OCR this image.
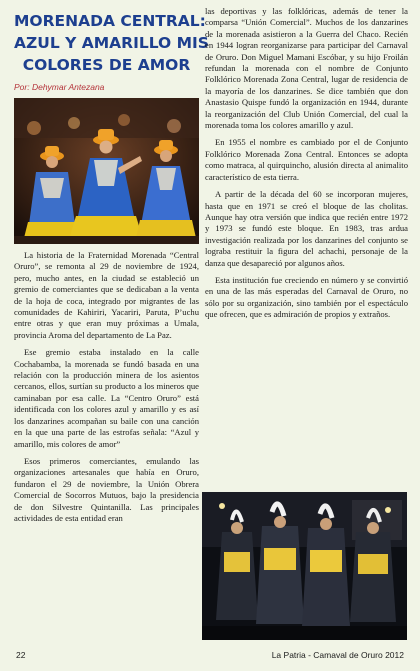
MORENADA CENTRAL:
AZUL Y AMARILLO MIS
COLORES DE AMOR
Por: Dehymar Antezana

La historia de la Fraternidad Morenada “Central Oruro”, se remonta al 29 de noviembre de 1924, pero, mucho antes, en la ciudad se estableció un gremio de comerciantes que se dedicaban a la venta de la hoja de coca, integrado por migrantes de las comunidades de Kahiriri, Yacariri, Paruta, P’uchu entre otras y que eran muy próximas a Umala, provincia Aroma del departamento de La Paz.

Ese gremio estaba instalado en la calle Cochabamba, la morenada se fundó basada en una relación con la producción minera de los asientos cercanos, ellos, surtían su producto a los mineros que caminaban por esa calle. La “Centro Oruro” está identificada con los colores azul y amarillo y es así los danzarines acompañan su baile con una canción en la que una parte de las estrofas señala: “Azul y amarillo, mis colores de amor”

Esos primeros comerciantes, emulando las organizaciones artesanales que había en Oruro, fundaron el 29 de noviembre, la Unión Obrera Comercial de Socorros Mutuos, bajo la presidencia de don Silvestre Quintanilla. Las principales actividades de esta entidad eran

las deportivas y las folklóricas, además de tener la comparsa “Unión Comercial”. Muchos de los danzarines de la morenada asistieron a la Guerra del Chaco. Recién en 1944 logran reorganizarse para participar del Carnaval de Oruro. Don Miguel Mamani Escóbar, y su hijo Froilán refundan la morenada con el nombre de Conjunto Folklórico Morenada Zona Central, lugar de residencia de la mayoría de los danzarines. Se dice también que don Anastasio Quispe fundó la organización en 1944, durante la reorganización del Club Unión Comercial, del cual la morenada toma los colores amarillo y azul.

En 1955 el nombre es cambiado por el de Conjunto Folklórico Morenada Zona Central. Entonces se adopta como matraca, al quirquincho, alusión directa al animalito característico de esta tierra.

A partir de la década del 60 se incorporan mujeres, hasta que en 1971 se creó el bloque de las cholitas. Aunque hay otra versión que indica que recién entre 1972 y 1973 se fundó este bloque. En 1983, tras ardua investigación realizada por los danzarines del conjunto se lograba restituir la figura del achachi, personaje de la danza que desapareció por algunos años.

Esta institución fue creciendo en número y se convirtió en una de las más esperadas del Carnaval de Oruro, no sólo por su organización, sino también por el espectáculo que ofrecen, que es admiración de propios y extraños.

22	La Patria - Camaval de Oruro 2012
